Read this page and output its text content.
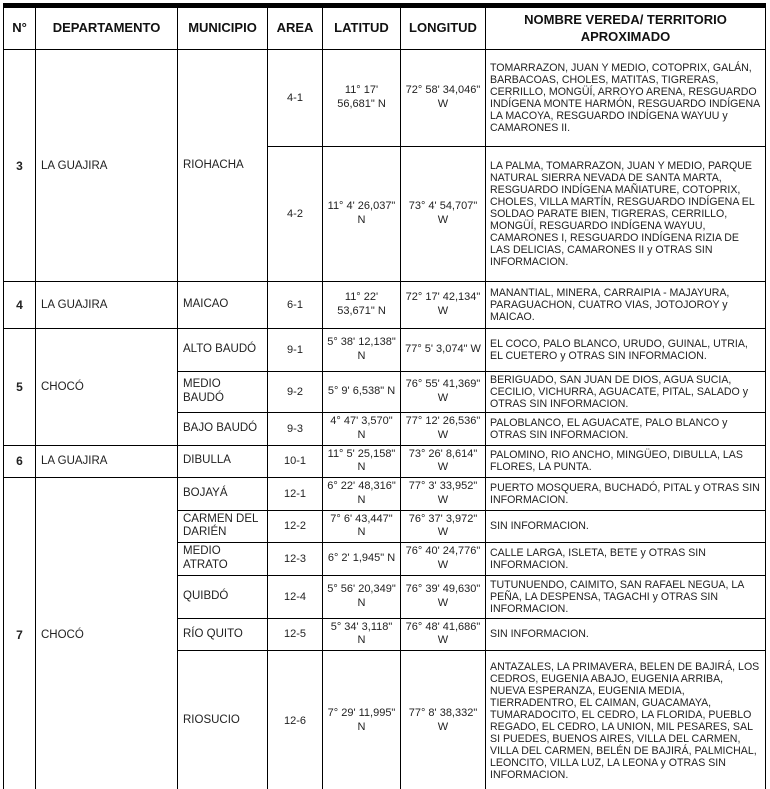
N°	DEPARTAMENTO	MUNICIPIO	AREA	LATITUD	LONGITUD	NOMBRE VEREDA/ TERRITORIO APROXIMADO
3	LA GUAJIRA	RIOHACHA	4-1	11° 17' 56,681" N	72° 58' 34,046" W	TOMARRAZON, JUAN Y MEDIO, COTOPRIX, GALÁN, BARBACOAS, CHOLES, MATITAS, TIGRERAS, CERRILLO, MONGÜÍ, ARROYO ARENA, RESGUARDO INDÍGENA MONTE HARMÓN, RESGUARDO INDÍGENA LA MACOYA, RESGUARDO INDÍGENA WAYUU y CAMARONES II.
			4-2	11° 4' 26,037" N	73° 4' 54,707" W	LA PALMA, TOMARRAZON, JUAN Y MEDIO, PARQUE NATURAL SIERRA NEVADA DE SANTA MARTA, RESGUARDO INDÍGENA MAÑIATURE, COTOPRIX, CHOLES, VILLA MARTÍN, RESGUARDO INDÍGENA EL SOLDAO PARATE BIEN, TIGRERAS, CERRILLO, MONGÜÍ, RESGUARDO INDÍGENA WAYUU, CAMARONES I, RESGUARDO INDÍGENA RIZIA DE LAS DELICIAS, CAMARONES II y OTRAS SIN INFORMACION.
4	LA GUAJIRA	MAICAO	6-1	11° 22' 53,671" N	72° 17' 42,134" W	MANANTIAL, MINERA, CARRAIPIA - MAJAYURA, PARAGUACHON, CUATRO VIAS, JOTOJOROY y MAICAO.
5	CHOCÓ	ALTO BAUDÓ	9-1	5° 38' 12,138" N	77° 5' 3,074" W	EL COCO, PALO BLANCO, URUDO, GUINAL, UTRIA, EL CUETERO y OTRAS SIN INFORMACION.
		MEDIO BAUDÓ	9-2	5° 9' 6,538" N	76° 55' 41,369" W	BERIGUADO, SAN JUAN DE DIOS, AGUA SUCIA, CECILIO, VICHURRA, AGUACATE, PITAL, SALADO y OTRAS SIN INFORMACION.
		BAJO BAUDÓ	9-3	4° 47' 3,570" N	77° 12' 26,536" W	PALOBLANCO, EL AGUACATE, PALO BLANCO y OTRAS SIN INFORMACION.
6	LA GUAJIRA	DIBULLA	10-1	11° 5' 25,158" N	73° 26' 8,614" W	PALOMINO, RIO ANCHO, MINGÜEO, DIBULLA, LAS FLORES, LA PUNTA.
7	CHOCÓ	BOJAYÁ	12-1	6° 22' 48,316" N	77° 3' 33,952" W	PUERTO MOSQUERA, BUCHADÓ, PITAL y OTRAS SIN INFORMACION.
		CARMEN DEL DARIÉN	12-2	7° 6' 43,447" N	76° 37' 3,972" W	SIN INFORMACION.
		MEDIO ATRATO	12-3	6° 2' 1,945" N	76° 40' 24,776" W	CALLE LARGA, ISLETA, BETE y OTRAS SIN INFORMACION.
		QUIBDÓ	12-4	5° 56' 20,349" N	76° 39' 49,630" W	TUTUNUENDO, CAIMITO, SAN RAFAEL NEGUA, LA PEÑA, LA DESPENSA, TAGACHI y OTRAS SIN INFORMACION.
		RÍO QUITO	12-5	5° 34' 3,118" N	76° 48' 41,686" W	SIN INFORMACION.
		RIOSUCIO	12-6	7° 29' 11,995" N	77° 8' 38,332" W	ANTAZALES, LA PRIMAVERA, BELEN DE BAJIRÁ, LOS CEDROS, EUGENIA ABAJO, EUGENIA ARRIBA, NUEVA ESPERANZA, EUGENIA MEDIA, TIERRADENTRO, EL CAIMAN, GUACAMAYA, TUMARADOCITO, EL CEDRO, LA FLORIDA, PUEBLO REGADO, EL CEDRO, LA UNION, MIL PESARES, SAL SI PUEDES, BUENOS AIRES, VILLA DEL CARMEN, VILLA DEL CARMEN, BELÉN DE BAJIRÁ, PALMICHAL, LEONCITO, VILLA LUZ, LA LEONA y OTRAS SIN INFORMACION.
